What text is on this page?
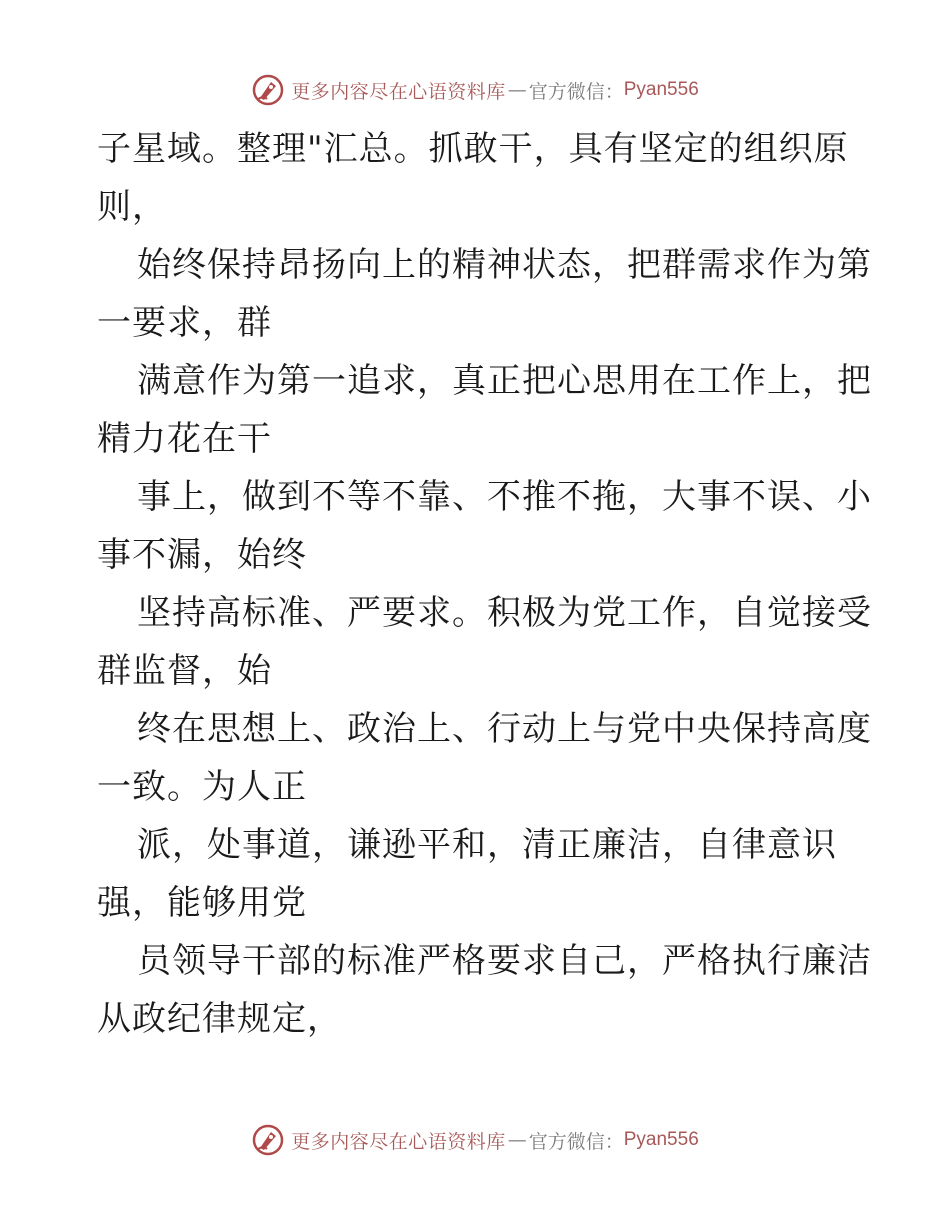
更多内容尽在心语资料库 — 官方微信： Pyan556
子星域。整理"汇总。抓敢干，具有坚定的组织原
则，
始终保持昂扬向上的精神状态，把群需求作为第
一要求，群
满意作为第一追求，真正把心思用在工作上，把
精力花在干
事上，做到不等不靠、不推不拖，大事不误、小
事不漏，始终
坚持高标准、严要求。积极为党工作，自觉接受
群监督，始
终在思想上、政治上、行动上与党中央保持高度
一致。为人正
派，处事道，谦逊平和，清正廉洁，自律意识
强，能够用党
员领导干部的标准严格要求自己，严格执行廉洁
从政纪律规定，
更多内容尽在心语资料库 — 官方微信： Pyan556
